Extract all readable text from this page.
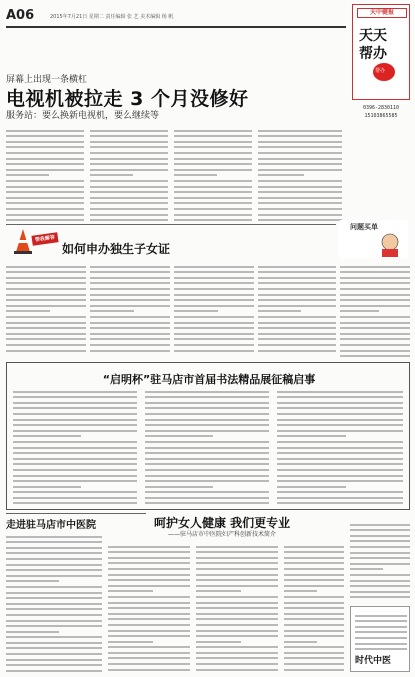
A06	2015年7月21日 星期二 责任编辑 张 艺 美术编辑 杨 帆
天中健报
天天
帮办
帮办
0396-2830110
15103865585
屏幕上出现一条横杠
电视机被拉走 3 个月没修好
服务站：要么换新电视机，要么继续等
帮我解答
如何申办独生子女证
问题买单
“启明杯”驻马店市首届书法精品展征稿启事
走进驻马店市中医院	呵护女人健康 我们更专业
——驻马店市中医院妇产科创新技术简介
时代中医
